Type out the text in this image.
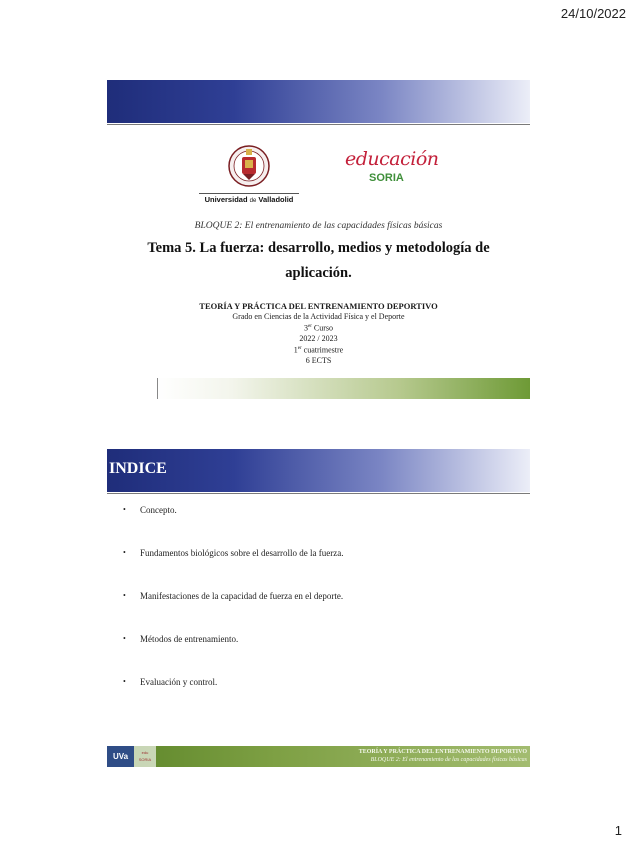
24/10/2022
Universidad de Valladolid
educación
SORIA
BLOQUE 2: El entrenamiento de las capacidades físicas básicas
Tema 5. La fuerza: desarrollo, medios y metodología de aplicación.
TEORÍA Y PRÁCTICA DEL ENTRENAMIENTO DEPORTIVO
Grado en Ciencias de la Actividad Física y el Deporte
3er Curso
2022 / 2023
1er cuatrimestre
6 ECTS
INDICE
• Concepto.
• Fundamentos biológicos sobre el desarrollo de la fuerza.
• Manifestaciones de la capacidad de fuerza en el deporte.
• Métodos de entrenamiento.
• Evaluación y control.
UVa	edu
SORIA
TEORÍA Y PRÁCTICA DEL ENTRENAMIENTO DEPORTIVO
BLOQUE 2: El entrenamiento de las capacidades físicas básicas
1
